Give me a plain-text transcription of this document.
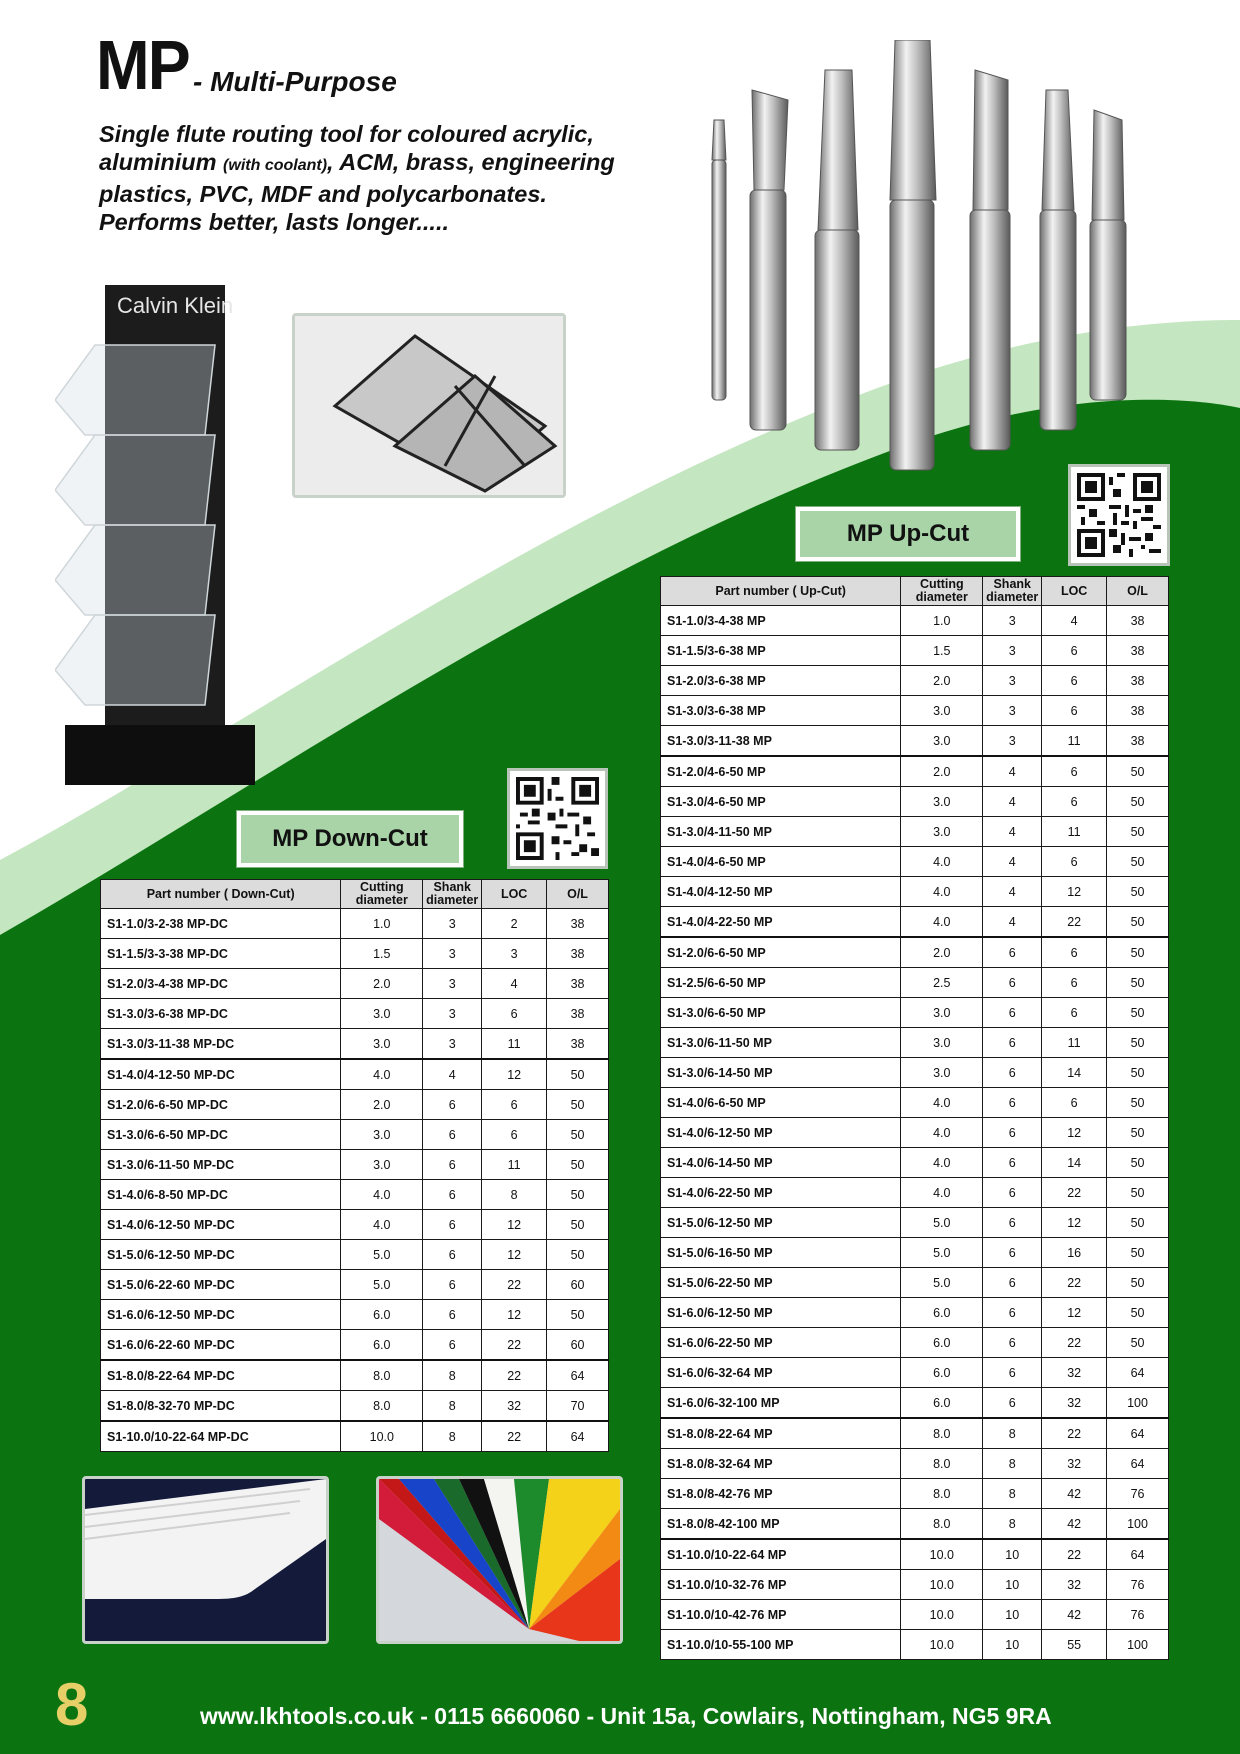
MP - Multi-Purpose
Single flute routing tool for coloured acrylic, aluminium (with coolant), ACM, brass, engineering plastics, PVC, MDF and polycarbonates. Performs better, lasts longer.....
Calvin Klein
MP Up-Cut
Part number ( Up-Cut)	Cutting diameter	Shank diameter	LOC	O/L
S1-1.0/3-4-38 MP	1.0	3	4	38
S1-1.5/3-6-38 MP	1.5	3	6	38
S1-2.0/3-6-38 MP	2.0	3	6	38
S1-3.0/3-6-38 MP	3.0	3	6	38
S1-3.0/3-11-38 MP	3.0	3	11	38
S1-2.0/4-6-50 MP	2.0	4	6	50
S1-3.0/4-6-50 MP	3.0	4	6	50
S1-3.0/4-11-50 MP	3.0	4	11	50
S1-4.0/4-6-50 MP	4.0	4	6	50
S1-4.0/4-12-50 MP	4.0	4	12	50
S1-4.0/4-22-50 MP	4.0	4	22	50
S1-2.0/6-6-50 MP	2.0	6	6	50
S1-2.5/6-6-50 MP	2.5	6	6	50
S1-3.0/6-6-50 MP	3.0	6	6	50
S1-3.0/6-11-50 MP	3.0	6	11	50
S1-3.0/6-14-50 MP	3.0	6	14	50
S1-4.0/6-6-50 MP	4.0	6	6	50
S1-4.0/6-12-50 MP	4.0	6	12	50
S1-4.0/6-14-50 MP	4.0	6	14	50
S1-4.0/6-22-50 MP	4.0	6	22	50
S1-5.0/6-12-50 MP	5.0	6	12	50
S1-5.0/6-16-50 MP	5.0	6	16	50
S1-5.0/6-22-50 MP	5.0	6	22	50
S1-6.0/6-12-50 MP	6.0	6	12	50
S1-6.0/6-22-50 MP	6.0	6	22	50
S1-6.0/6-32-64 MP	6.0	6	32	64
S1-6.0/6-32-100 MP	6.0	6	32	100
S1-8.0/8-22-64 MP	8.0	8	22	64
S1-8.0/8-32-64 MP	8.0	8	32	64
S1-8.0/8-42-76 MP	8.0	8	42	76
S1-8.0/8-42-100 MP	8.0	8	42	100
S1-10.0/10-22-64 MP	10.0	10	22	64
S1-10.0/10-32-76 MP	10.0	10	32	76
S1-10.0/10-42-76 MP	10.0	10	42	76
S1-10.0/10-55-100 MP	10.0	10	55	100
MP Down-Cut
Part number ( Down-Cut)	Cutting diameter	Shank diameter	LOC	O/L
S1-1.0/3-2-38 MP-DC	1.0	3	2	38
S1-1.5/3-3-38 MP-DC	1.5	3	3	38
S1-2.0/3-4-38 MP-DC	2.0	3	4	38
S1-3.0/3-6-38 MP-DC	3.0	3	6	38
S1-3.0/3-11-38 MP-DC	3.0	3	11	38
S1-4.0/4-12-50 MP-DC	4.0	4	12	50
S1-2.0/6-6-50 MP-DC	2.0	6	6	50
S1-3.0/6-6-50 MP-DC	3.0	6	6	50
S1-3.0/6-11-50 MP-DC	3.0	6	11	50
S1-4.0/6-8-50 MP-DC	4.0	6	8	50
S1-4.0/6-12-50 MP-DC	4.0	6	12	50
S1-5.0/6-12-50 MP-DC	5.0	6	12	50
S1-5.0/6-22-60 MP-DC	5.0	6	22	60
S1-6.0/6-12-50 MP-DC	6.0	6	12	50
S1-6.0/6-22-60 MP-DC	6.0	6	22	60
S1-8.0/8-22-64 MP-DC	8.0	8	22	64
S1-8.0/8-32-70 MP-DC	8.0	8	32	70
S1-10.0/10-22-64 MP-DC	10.0	8	22	64
8	www.lkhtools.co.uk - 0115 6660060 - Unit 15a, Cowlairs, Nottingham, NG5 9RA
